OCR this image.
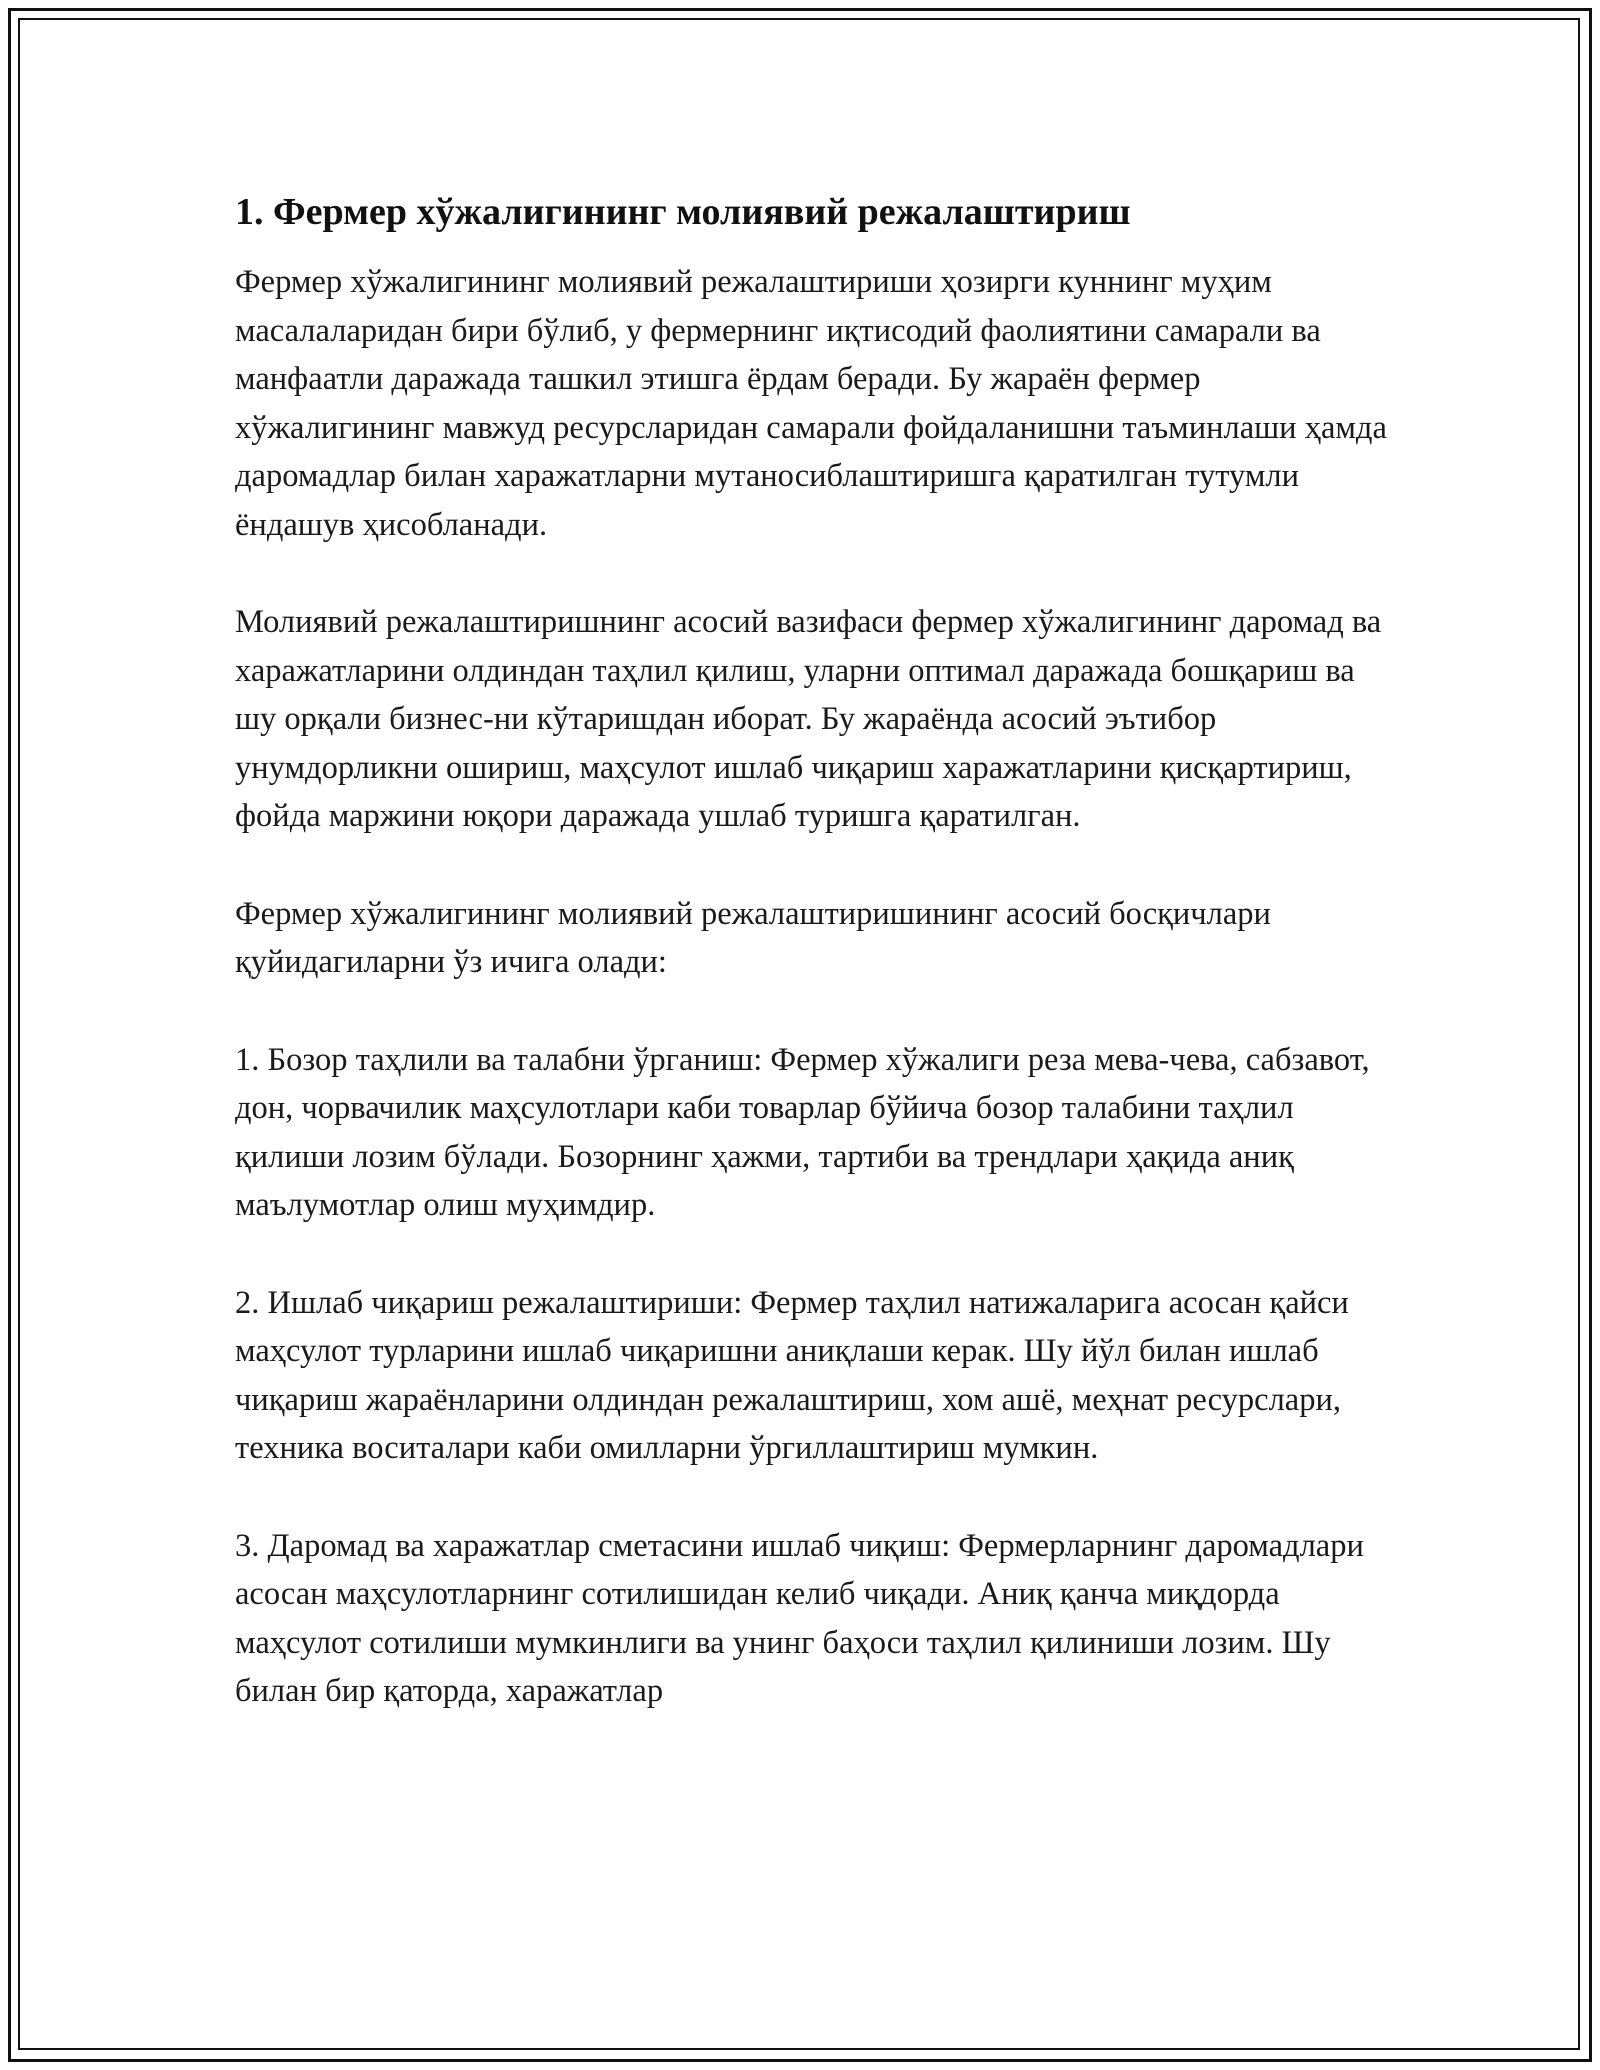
1. Фермер хўжалигининг молиявий режалаштириш

Фермер хўжалигининг молиявий режалаштириши ҳозирги куннинг муҳим масалаларидан бири бўлиб, у фермернинг иқтисодий фаолиятини самарали ва манфаатли даражада ташкил этишга ёрдам беради. Бу жараён фермер хўжалигининг мавжуд ресурсларидан самарали фойдаланишни таъминлаши ҳамда даромадлар билан харажатларни мутаносиблаштиришга қаратилган тутумли ёндашув ҳисобланади.

Молиявий режалаштиришнинг асосий вазифаси фермер хўжалигининг даромад ва харажатларини олдиндан таҳлил қилиш, уларни оптимал даражада бошқариш ва шу орқали бизнес-ни кўтаришдан иборат. Бу жараёнда асосий эътибор унумдорликни ошириш, маҳсулот ишлаб чиқариш харажатларини қисқартириш, фойда маржини юқори даражада ушлаб туришга қаратилган.

Фермер хўжалигининг молиявий режалаштиришининг асосий босқичлари қуйидагиларни ўз ичига олади:

1. Бозор таҳлили ва талабни ўрганиш: Фермер хўжалиги реза мева-чева, сабзавот, дон, чорвачилик маҳсулотлари каби товарлар бўйича бозор талабини таҳлил қилиши лозим бўлади. Бозорнинг ҳажми, тартиби ва трендлари ҳақида аниқ маълумотлар олиш муҳимдир.

2. Ишлаб чиқариш режалаштириши: Фермер таҳлил натижаларига асосан қайси маҳсулот турларини ишлаб чиқаришни аниқлаши керак. Шу йўл билан ишлаб чиқариш жараёнларини олдиндан режалаштириш, хом ашё, меҳнат ресурслари, техника воситалари каби омилларни ўргиллаштириш мумкин.

3. Даромад ва харажатлар сметасини ишлаб чиқиш: Фермерларнинг даромадлари асосан маҳсулотларнинг сотилишидан келиб чиқади. Аниқ қанча миқдорда маҳсулот сотилиши мумкинлиги ва унинг баҳоси таҳлил қилиниши лозим. Шу билан бир қаторда, харажатлар
